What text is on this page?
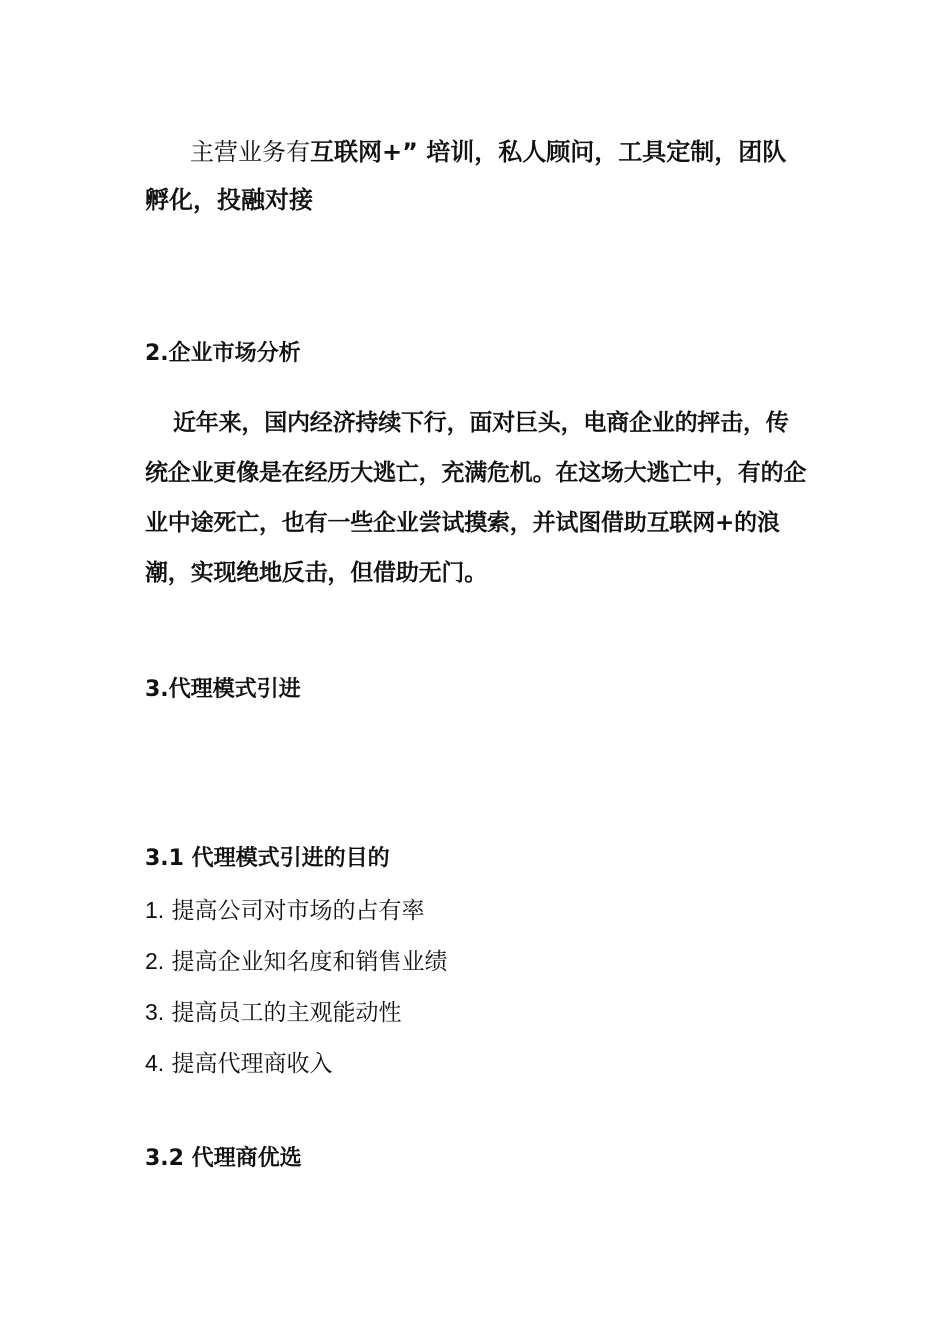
主营业务有互联网+” 培训，私人顾问，工具定制，团队孵化，投融对接

2.企业市场分析

近年来，国内经济持续下行，面对巨头，电商企业的抨击，传统企业更像是在经历大逃亡，充满危机。在这场大逃亡中，有的企业中途死亡，也有一些企业尝试摸索，并试图借助互联网+的浪潮，实现绝地反击，但借助无门。

3.代理模式引进
3.1 代理模式引进的目的
1. 提高公司对市场的占有率
2. 提高企业知名度和销售业绩
3. 提高员工的主观能动性
4. 提高代理商收入
3.2 代理商优选
